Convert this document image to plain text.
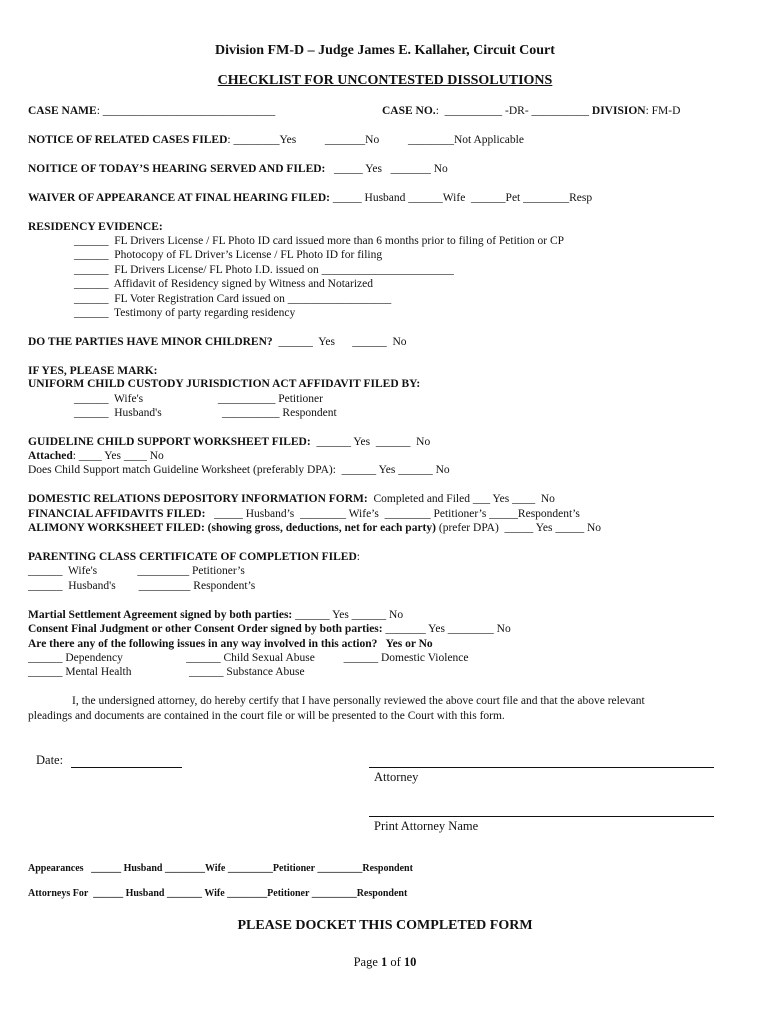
Division FM-D – Judge James E. Kallaher, Circuit Court
CHECKLIST FOR UNCONTESTED DISSOLUTIONS
CASE NAME: ______________________________	CASE NO.:  __________ -DR- __________ DIVISION: FM-D
NOTICE OF RELATED CASES FILED: ________Yes          _______No          ________Not Applicable
NOITICE OF TODAY’S HEARING SERVED AND FILED:   _____ Yes   _______ No
WAIVER OF APPEARANCE AT FINAL HEARING FILED: _____ Husband ______Wife  ______Pet ________Resp
RESIDENCY EVIDENCE:
______  FL Drivers License / FL Photo ID card issued more than 6 months prior to filing of Petition or CP
______  Photocopy of FL Driver’s License / FL Photo ID for filing
______  FL Drivers License/ FL Photo I.D. issued on _______________________
______  Affidavit of Residency signed by Witness and Notarized
______  FL Voter Registration Card issued on __________________
______  Testimony of party regarding residency
DO THE PARTIES HAVE MINOR CHILDREN?  ______  Yes      ______  No
IF YES, PLEASE MARK:
UNIFORM CHILD CUSTODY JURISDICTION ACT AFFIDAVIT FILED BY:
______  Wife's                          __________ Petitioner
______  Husband's                     __________ Respondent
GUIDELINE CHILD SUPPORT WORKSHEET FILED:  ______ Yes  ______  No
Attached: ____ Yes ____ No
Does Child Support match Guideline Worksheet (preferably DPA):  ______ Yes ______ No
DOMESTIC RELATIONS DEPOSITORY INFORMATION FORM:  Completed and Filed ___ Yes ____  No
FINANCIAL AFFIDAVITS FILED:   _____ Husband’s  ________ Wife’s  ________ Petitioner’s _____Respondent’s
ALIMONY WORKSHEET FILED: (showing gross, deductions, net for each party) (prefer DPA)  _____ Yes _____ No
PARENTING CLASS CERTIFICATE OF COMPLETION FILED:
______  Wife's              _________ Petitioner’s
______  Husband's        _________ Respondent’s
Martial Settlement Agreement signed by both parties: ______ Yes ______ No
Consent Final Judgment or other Consent Order signed by both parties: _______ Yes ________ No
Are there any of the following issues in any way involved in this action?   Yes or No
______ Dependency                      ______ Child Sexual Abuse          ______ Domestic Violence
______ Mental Health                    ______ Substance Abuse
I, the undersigned attorney, do hereby certify that I have personally reviewed the above court file and that the above relevant
pleadings and documents are contained in the court file or will be presented to the Court with this form.
Date:
Attorney
Print Attorney Name
Appearances   ______ Husband ________Wife _________Petitioner _________Respondent
Attorneys For  ______ Husband _______ Wife ________Petitioner _________Respondent
PLEASE DOCKET THIS COMPLETED FORM
Page 1 of 10
